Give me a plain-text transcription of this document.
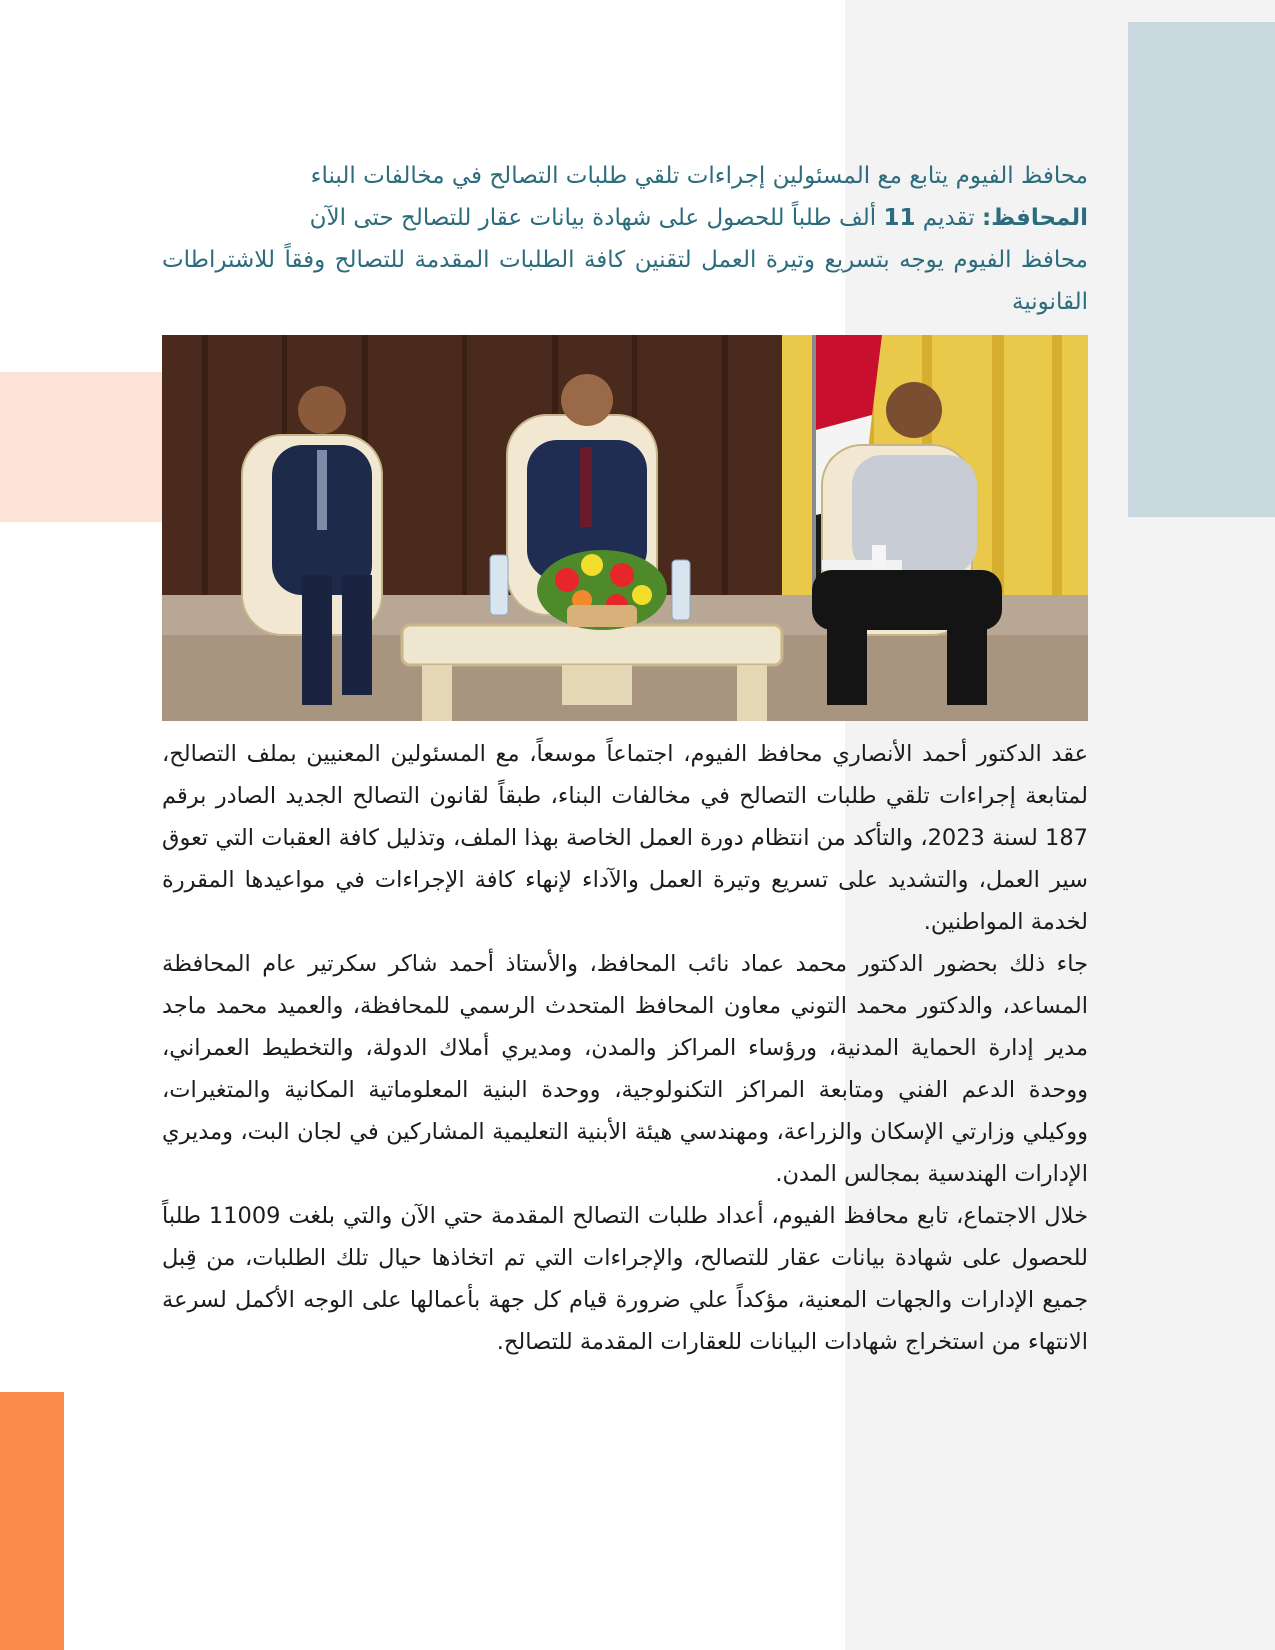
محافظ الفيوم يتابع مع المسئولين إجراءات تلقي طلبات التصالح في مخالفات البناء

المحافظ: تقديم 11 ألف طلباً للحصول على شهادة بيانات عقار للتصالح حتى الآن

محافظ الفيوم يوجه بتسريع وتيرة العمل لتقنين كافة الطلبات المقدمة للتصالح وفقاً للاشتراطات القانونية

عقد الدكتور أحمد الأنصاري محافظ الفيوم، اجتماعاً موسعاً، مع المسئولين المعنيين بملف التصالح، لمتابعة إجراءات تلقي طلبات التصالح في مخالفات البناء، طبقاً لقانون التصالح الجديد الصادر برقم 187 لسنة 2023، والتأكد من انتظام دورة العمل الخاصة بهذا الملف، وتذليل كافة العقبات التي تعوق سير العمل، والتشديد على تسريع وتيرة العمل والآداء لإنهاء كافة الإجراءات في مواعيدها المقررة لخدمة المواطنين.

جاء ذلك بحضور الدكتور محمد عماد نائب المحافظ، والأستاذ أحمد شاكر سكرتير عام المحافظة المساعد، والدكتور محمد التوني معاون المحافظ المتحدث الرسمي للمحافظة، والعميد محمد ماجد مدير إدارة الحماية المدنية، ورؤساء المراكز والمدن، ومديري أملاك الدولة، والتخطيط العمراني، ووحدة الدعم الفني ومتابعة المراكز التكنولوجية، ووحدة البنية المعلوماتية المكانية والمتغيرات، ووكيلي وزارتي الإسكان والزراعة، ومهندسي هيئة الأبنية التعليمية المشاركين في لجان البت، ومديري الإدارات الهندسية بمجالس المدن.

خلال الاجتماع، تابع محافظ الفيوم، أعداد طلبات التصالح المقدمة حتي الآن والتي بلغت 11009 طلباً للحصول على شهادة بيانات عقار للتصالح، والإجراءات التي تم اتخاذها حيال تلك الطلبات، من قِبل جميع الإدارات والجهات المعنية، مؤكداً علي ضرورة قيام كل جهة بأعمالها على الوجه الأكمل لسرعة الانتهاء من استخراج شهادات البيانات للعقارات المقدمة للتصالح.
